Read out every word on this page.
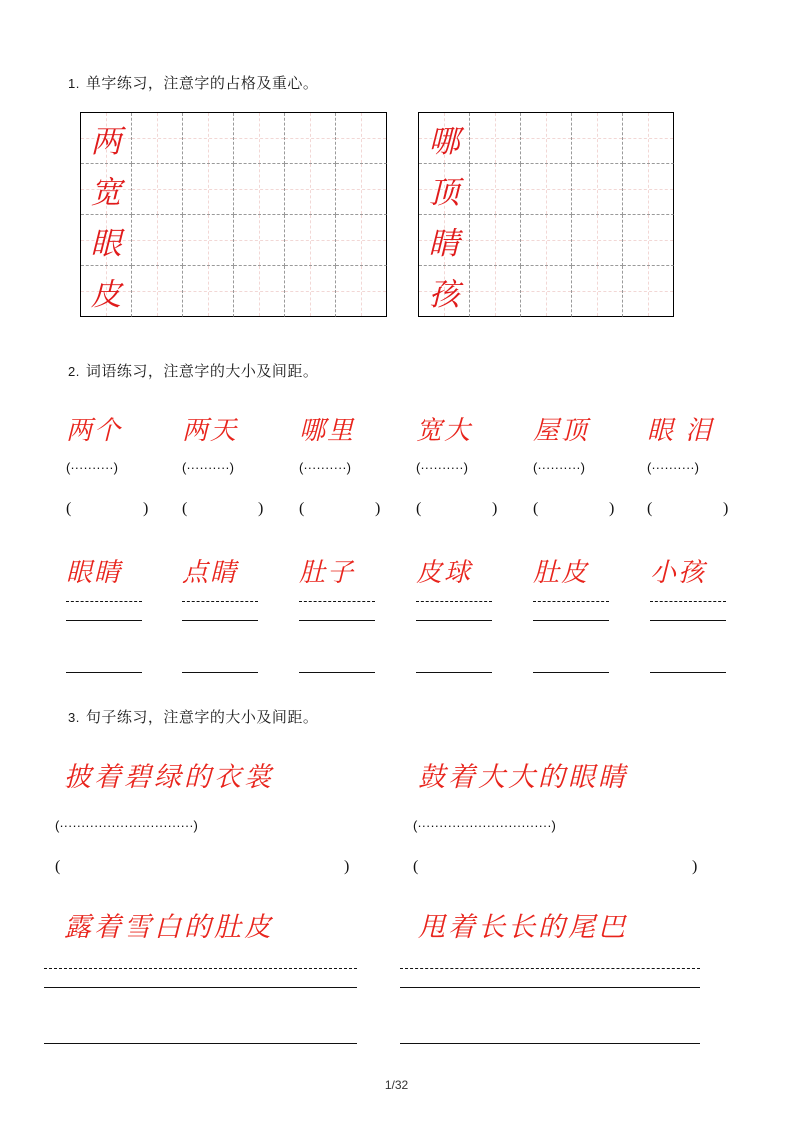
1. 单字练习，注意字的占格及重心。
两
宽
眼
皮
哪
顶
睛
孩
2. 词语练习，注意字的大小及间距。
两个 两天 哪里 宽大 屋顶 眼 泪
(··········)	(··········)	(··········)	(··········)	(··········)	(··········)
(	) (	) (	) (	) (	) (	)
眼睛 点睛 肚子 皮球 肚皮 小孩
3. 句子练习，注意字的大小及间距。
披着碧绿的衣裳	鼓着大大的眼睛
(·······························)	(·······························)
(	)	(	)
露着雪白的肚皮	甩着长长的尾巴
1/32
